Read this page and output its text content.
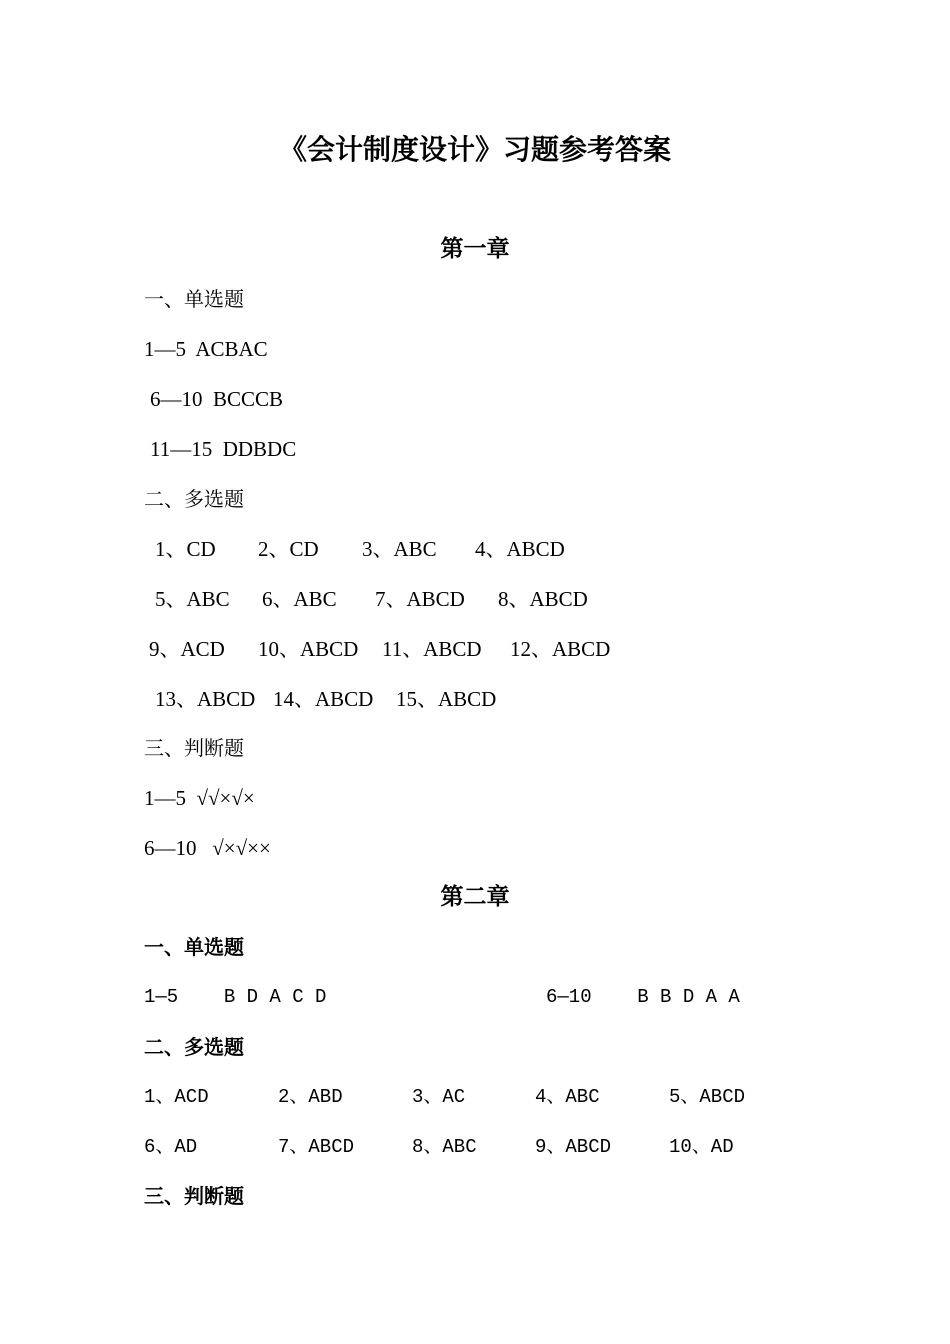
《会计制度设计》习题参考答案
第一章
一、单选题
1—5  ACBAC
6—10  BCCCB
11—15  DDBDC
二、多选题
1、CD 2、CD 3、ABC 4、ABCD
5、ABC 6、ABC 7、ABCD 8、ABCD
9、ACD 10、ABCD 11、ABCD 12、ABCD
13、ABCD 14、ABCD 15、ABCD
三、判断题
1—5  √√×√×
6—10   √×√××
第二章
一、单选题
1—5    B D A C D	6—10    B B D A A
二、多选题
1、ACD	2、ABD	3、AC	4、ABC	5、ABCD
6、AD	7、ABCD	8、ABC	9、ABCD	10、AD
三、判断题
